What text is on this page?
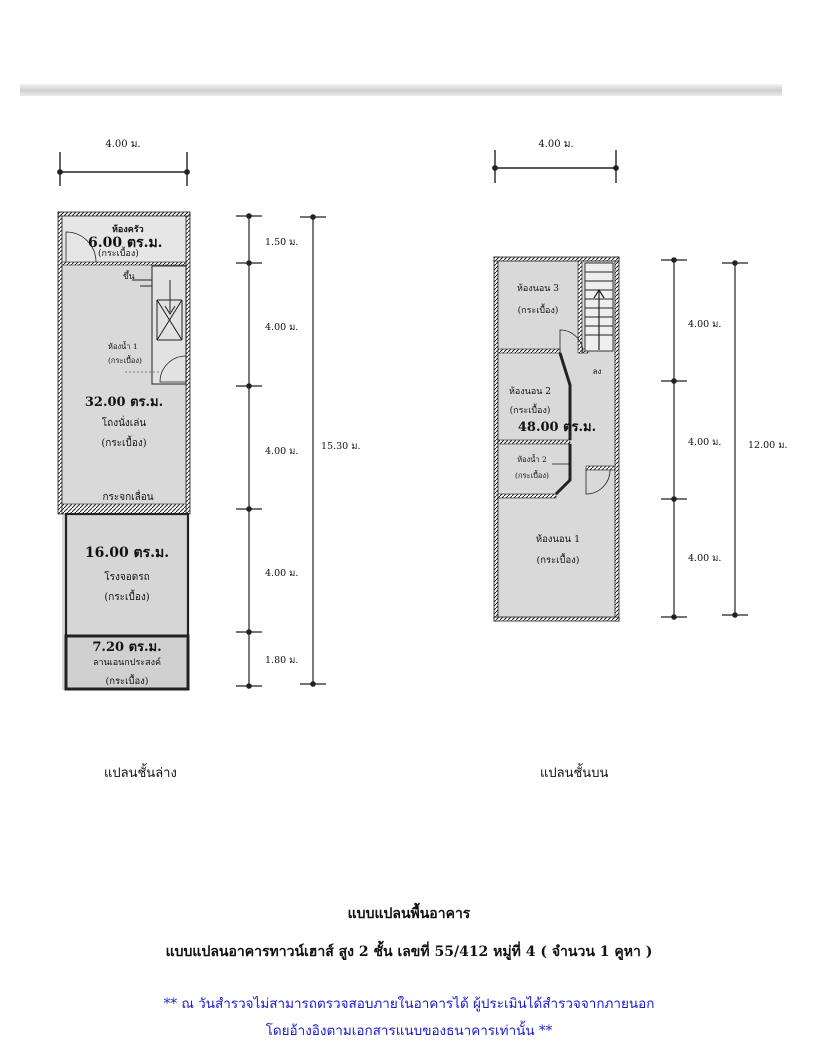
4.00 ม.
ขึ้น
ห้องครัว
6.00 ตร.ม.
(กระเบื้อง)
ห้องน้ำ 1
(กระเบื้อง)
32.00 ตร.ม.
โถงนั่งเล่น
(กระเบื้อง)
กระจกเลื่อน
16.00 ตร.ม.
โรงจอดรถ
(กระเบื้อง)
7.20 ตร.ม.
ลานเอนกประสงค์
(กระเบื้อง)
1.50 ม.
4.00 ม.
4.00 ม.
4.00 ม.
1.80 ม.
15.30 ม.
4.00 ม.
ลง
ห้องนอน 3
(กระเบื้อง)
ห้องนอน 2
(กระเบื้อง)
48.00 ตร.ม.
ห้องน้ำ 2
(กระเบื้อง)
ห้องนอน 1
(กระเบื้อง)
4.00 ม.
4.00 ม.
4.00 ม.
12.00 ม.
แปลนชั้นล่าง	แปลนชั้นบน
แบบแปลนพื้นอาคาร
แบบแปลนอาคารทาวน์เฮาส์ สูง 2 ชั้น เลขที่ 55/412 หมู่ที่ 4 ( จำนวน 1 คูหา )
** ณ วันสำรวจไม่สามารถตรวจสอบภายในอาคารได้ ผู้ประเมินได้สำรวจจากภายนอก
โดยอ้างอิงตามเอกสารแนบของธนาคารเท่านั้น **
